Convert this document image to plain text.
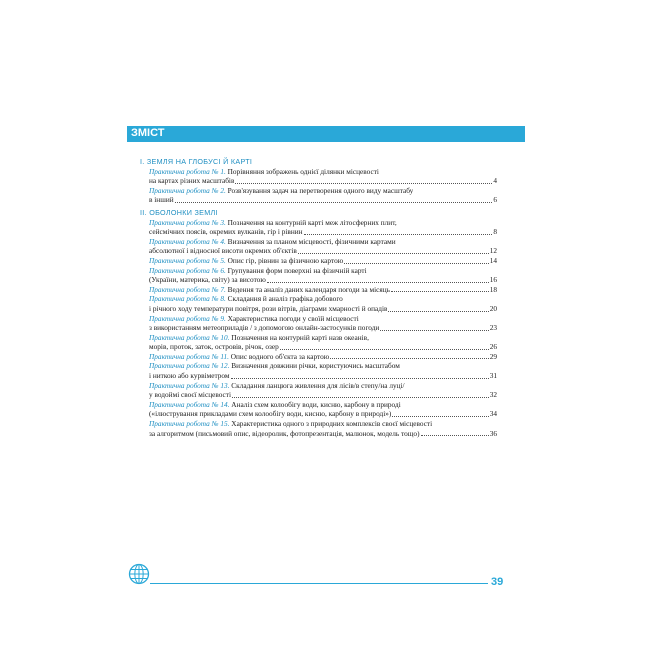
ЗМІСТ
І. ЗЕМЛЯ НА ГЛОБУСІ Й КАРТІ
Практична робота № 1. Порівняння зображень однієї ділянки місцевості
на картах різних масштабів	4
Практична робота № 2. Розв'язування задач на перетворення одного виду масштабу
в інший	6
ІІ. ОБОЛОНКИ ЗЕМЛІ
Практична робота № 3. Позначення на контурній карті меж літосферних плит,
сейсмічних поясів, окремих вулканів, гір і рівнин	8
Практична робота № 4. Визначення за планом місцевості, фізичними картами
абсолютної і відносної висоти окремих об'єктів	12
Практична робота № 5. Опис гір, рівнин за фізичною картою	14
Практична робота № 6. Групування форм поверхні на фізичній карті
(України, материка, світу) за висотою	16
Практична робота № 7. Ведення та аналіз даних календаря погоди за місяць	18
Практична робота № 8. Складання й аналіз графіка добового
і річного ходу температури повітря, рози вітрів, діаграми хмарності й опадів	20
Практична робота № 9. Характеристика погоди у своїй місцевості
з використанням метеоприладів / з допомогою онлайн-застосунків погоди	23
Практична робота № 10. Позначення на контурній карті назв океанів,
морів, проток, заток, островів, річок, озер	26
Практична робота № 11. Опис водного об'єкта за картою	29
Практична робота № 12. Визначення довжини річки, користуючись масштабом
і ниткою або курвіметром	31
Практична робота № 13. Складання ланцюга живлення для лісів/в степу/на луці/
у водоймі своєї місцевості	32
Практична робота № 14. Аналіз схем колообігу води, кисню, карбону в природі
(«ілюстрування прикладами схем колообігу води, кисню, карбону в природі»)	34
Практична робота № 15. Характеристика одного з природних комплексів своєї місцевості
за алгоритмом (письмовий опис, відеоролик, фотопрезентація, малюнок, модель тощо)	36
39
